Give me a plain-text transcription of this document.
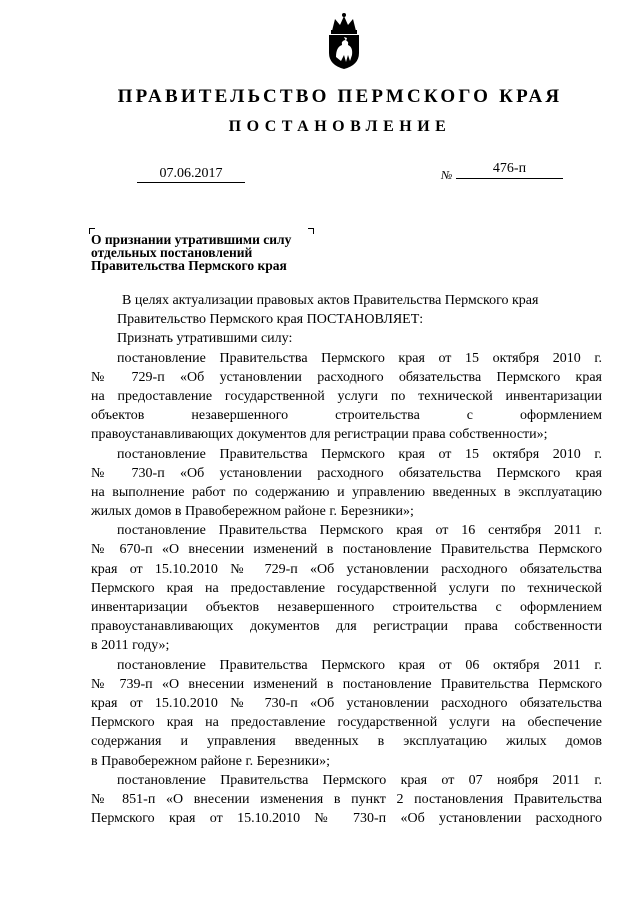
ПРАВИТЕЛЬСТВО ПЕРМСКОГО КРАЯ
ПОСТАНОВЛЕНИЕ
07.06.2017	№	476-п
О признании утратившими силу
отдельных постановлений
Правительства Пермского края
В целях актуализации правовых актов Правительства Пермского края
Правительство Пермского края ПОСТАНОВЛЯЕТ:
Признать утратившими силу:
постановление Правительства Пермского края от 15 октября 2010 г.
№ 729-п «Об установлении расходного обязательства Пермского края
на предоставление государственной услуги по технической инвентаризации
объектов незавершенного строительства с оформлением
правоустанавливающих документов для регистрации права собственности»;
постановление Правительства Пермского края от 15 октября 2010 г.
№ 730-п «Об установлении расходного обязательства Пермского края
на выполнение работ по содержанию и управлению введенных в эксплуатацию
жилых домов в Правобережном районе г. Березники»;
постановление Правительства Пермского края от 16 сентября 2011 г.
№ 670-п «О внесении изменений в постановление Правительства Пермского
края от 15.10.2010 № 729-п «Об установлении расходного обязательства
Пермского края на предоставление государственной услуги по технической
инвентаризации объектов незавершенного строительства с оформлением
правоустанавливающих документов для регистрации права собственности
в 2011 году»;
постановление Правительства Пермского края от 06 октября 2011 г.
№ 739-п «О внесении изменений в постановление Правительства Пермского
края от 15.10.2010 № 730-п «Об установлении расходного обязательства
Пермского края на предоставление государственной услуги на обеспечение
содержания и управления введенных в эксплуатацию жилых домов
в Правобережном районе г. Березники»;
постановление Правительства Пермского края от 07 ноября 2011 г.
№ 851-п «О внесении изменения в пункт 2 постановления Правительства
Пермского края от 15.10.2010 № 730-п «Об установлении расходного
